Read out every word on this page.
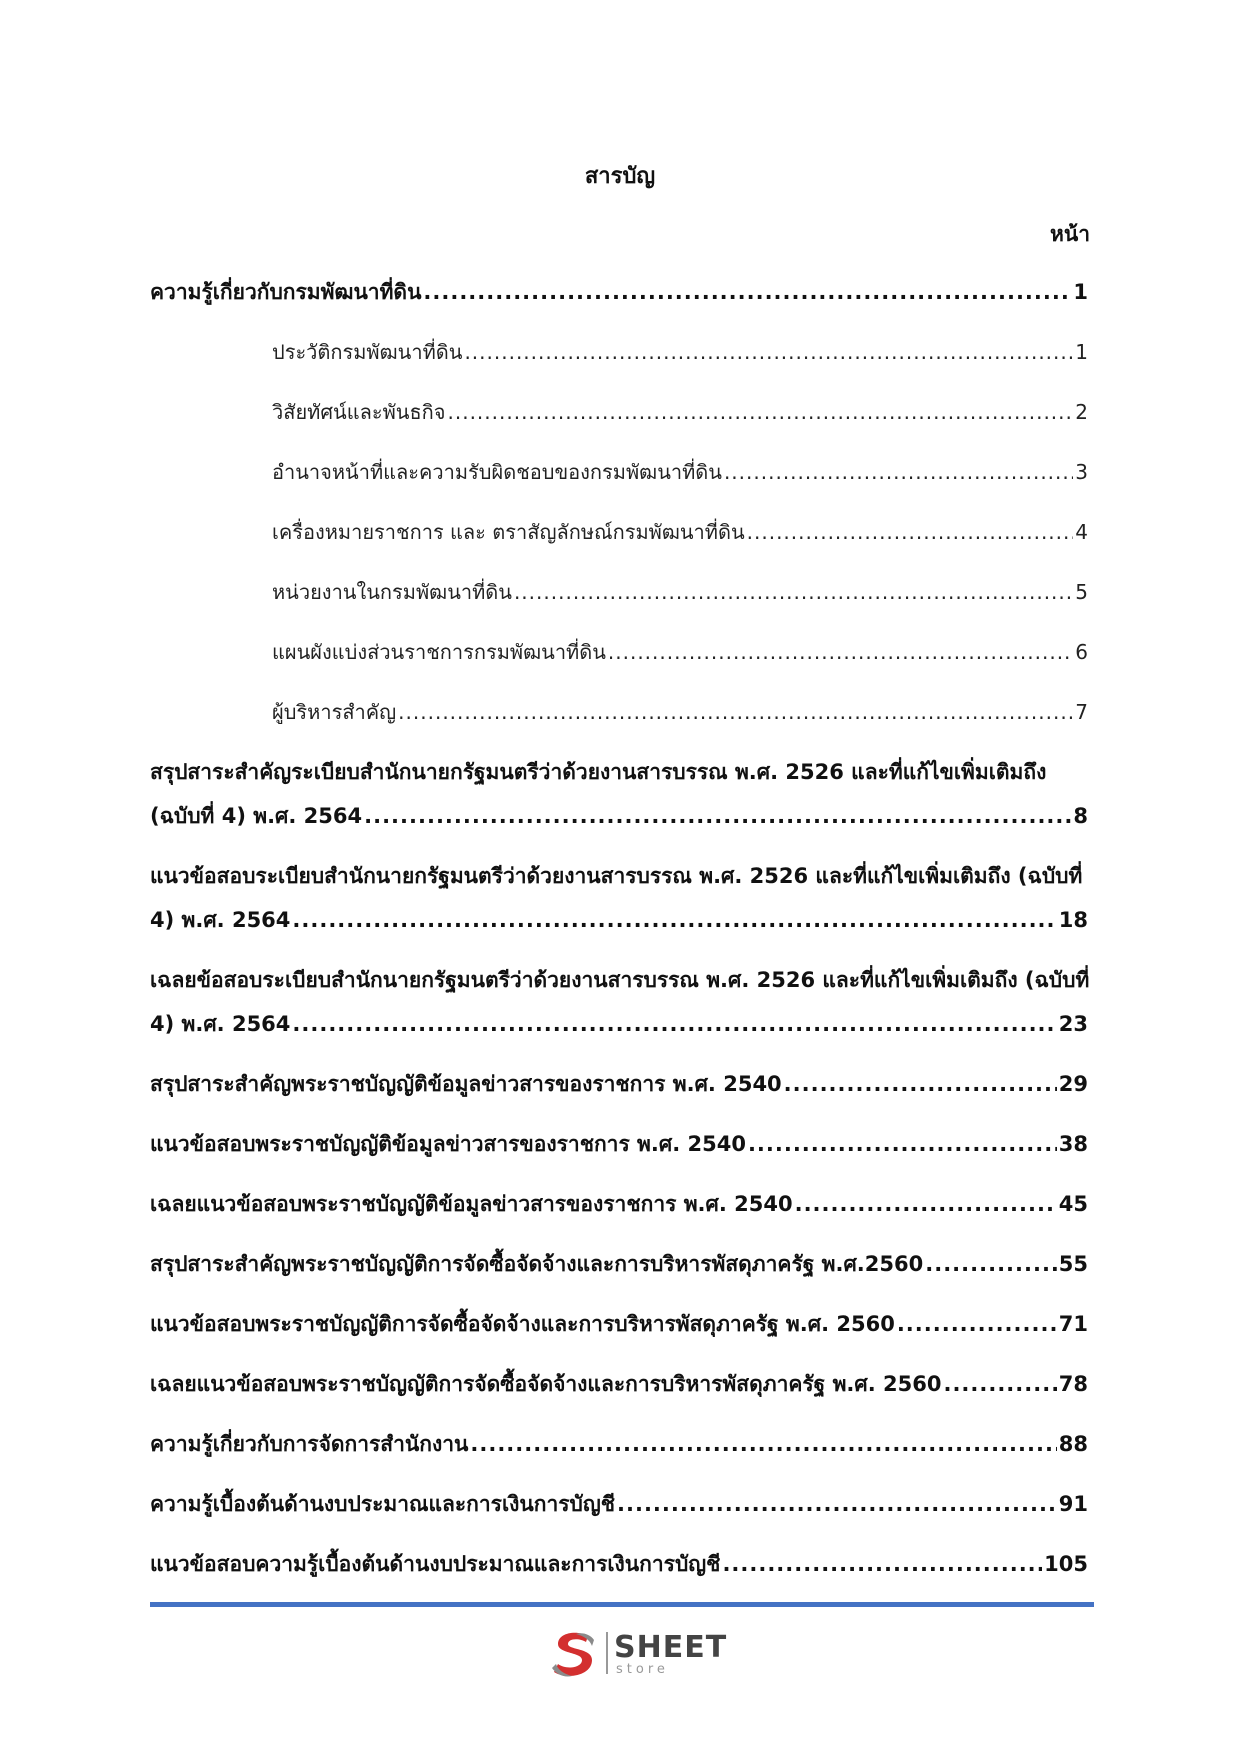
สารบัญ
หน้า
ความรู้เกี่ยวกับกรมพัฒนาที่ดิน .....	1
ประวัติกรมพัฒนาที่ดิน .....	1
วิสัยทัศน์และพันธกิจ .....	2
อำนาจหน้าที่และความรับผิดชอบของกรมพัฒนาที่ดิน .....	3
เครื่องหมายราชการ และ ตราสัญลักษณ์กรมพัฒนาที่ดิน .....	4
หน่วยงานในกรมพัฒนาที่ดิน .....	5
แผนผังแบ่งส่วนราชการกรมพัฒนาที่ดิน .....	6
ผู้บริหารสำคัญ .....	7
สรุปสาระสำคัญระเบียบสำนักนายกรัฐมนตรีว่าด้วยงานสารบรรณ พ.ศ. 2526 และที่แก้ไขเพิ่มเติมถึง
(ฉบับที่ 4) พ.ศ. 2564 .....	8
แนวข้อสอบระเบียบสำนักนายกรัฐมนตรีว่าด้วยงานสารบรรณ พ.ศ. 2526 และที่แก้ไขเพิ่มเติมถึง (ฉบับที่
4) พ.ศ. 2564 .....	18
เฉลยข้อสอบระเบียบสำนักนายกรัฐมนตรีว่าด้วยงานสารบรรณ พ.ศ. 2526 และที่แก้ไขเพิ่มเติมถึง (ฉบับที่
4) พ.ศ. 2564 .....	23
สรุปสาระสำคัญพระราชบัญญัติข้อมูลข่าวสารของราชการ พ.ศ. 2540 .....	29
แนวข้อสอบพระราชบัญญัติข้อมูลข่าวสารของราชการ พ.ศ. 2540 .....	38
เฉลยแนวข้อสอบพระราชบัญญัติข้อมูลข่าวสารของราชการ พ.ศ. 2540 .....	45
สรุปสาระสำคัญพระราชบัญญัติการจัดซื้อจัดจ้างและการบริหารพัสดุภาครัฐ พ.ศ.2560 .....	55
แนวข้อสอบพระราชบัญญัติการจัดซื้อจัดจ้างและการบริหารพัสดุภาครัฐ พ.ศ. 2560 .....	71
เฉลยแนวข้อสอบพระราชบัญญัติการจัดซื้อจัดจ้างและการบริหารพัสดุภาครัฐ พ.ศ. 2560 .....	78
ความรู้เกี่ยวกับการจัดการสำนักงาน .....	88
ความรู้เบื้องต้นด้านงบประมาณและการเงินการบัญชี .....	91
แนวข้อสอบความรู้เบื้องต้นด้านงบประมาณและการเงินการบัญชี .....	105
SHEET
store
